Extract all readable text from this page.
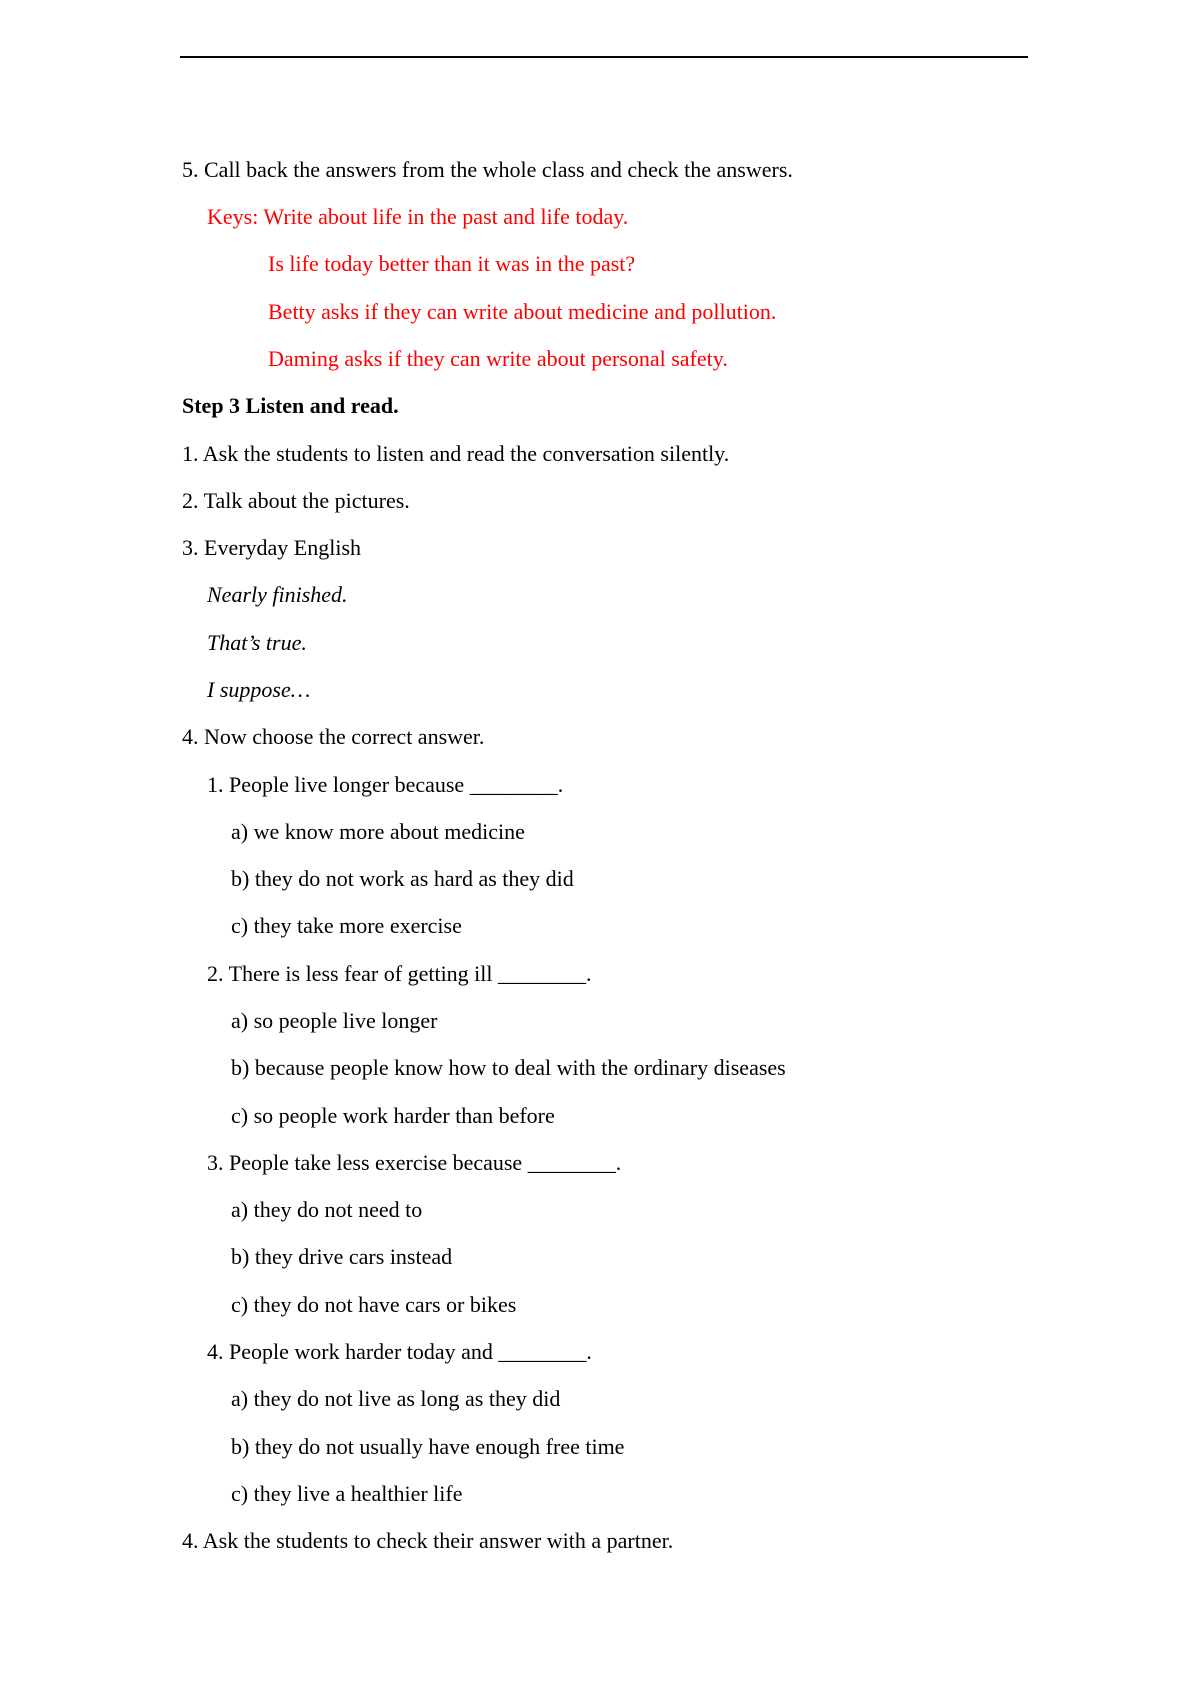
5. Call back the answers from the whole class and check the answers.
Keys: Write about life in the past and life today.
Is life today better than it was in the past?
Betty asks if they can write about medicine and pollution.
Daming asks if they can write about personal safety.
Step 3 Listen and read.
1. Ask the students to listen and read the conversation silently.
2. Talk about the pictures.
3. Everyday English
Nearly finished.
That’s true.
I suppose…
4. Now choose the correct answer.
1. People live longer because ________.
a) we know more about medicine
b) they do not work as hard as they did
c) they take more exercise
2. There is less fear of getting ill ________.
a) so people live longer
b) because people know how to deal with the ordinary diseases
c) so people work harder than before
3. People take less exercise because ________.
a) they do not need to
b) they drive cars instead
c) they do not have cars or bikes
4. People work harder today and ________.
a) they do not live as long as they did
b) they do not usually have enough free time
c) they live a healthier life
4. Ask the students to check their answer with a partner.
